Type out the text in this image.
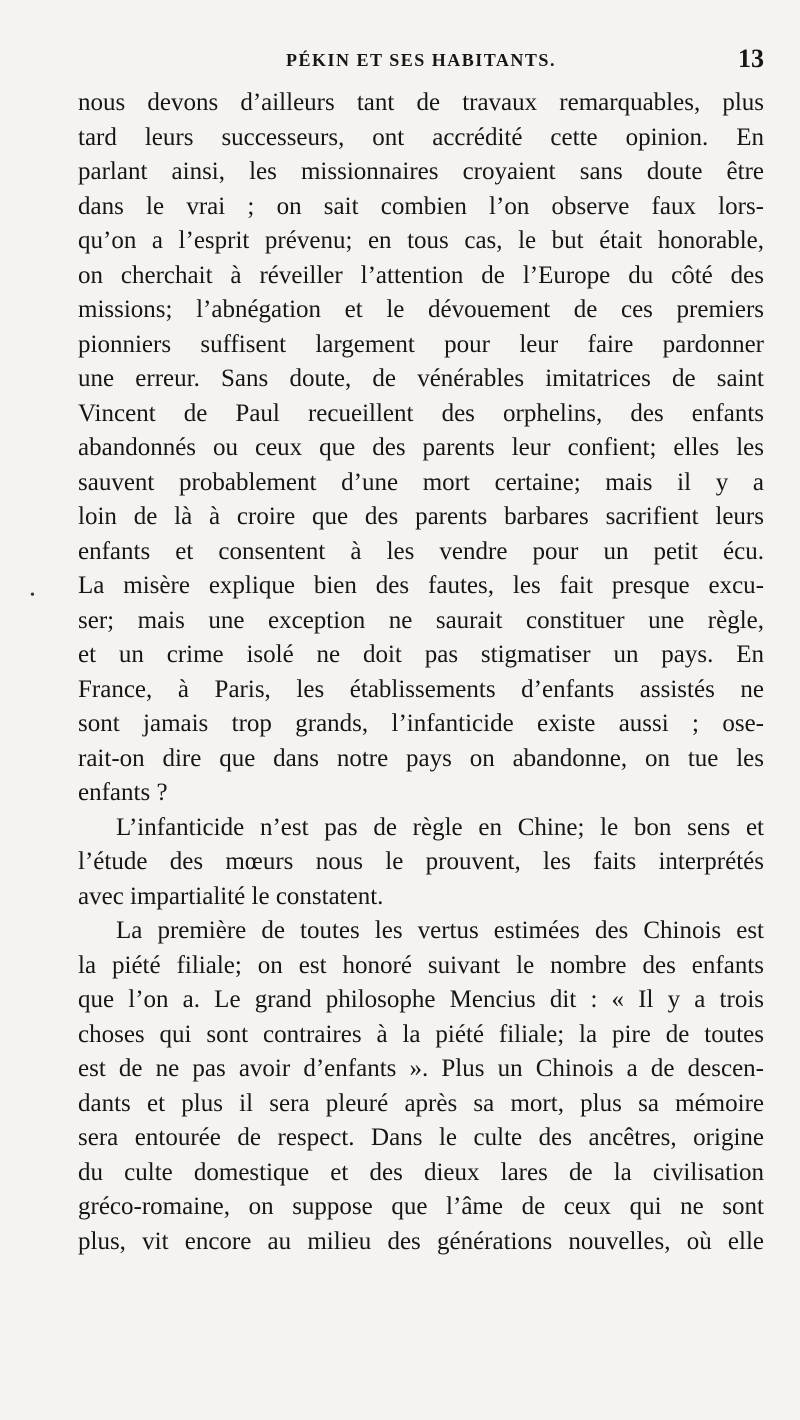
PÉKIN ET SES HABITANTS.	13
•
nous devons d’ailleurs tant de travaux remarquables, plus
tard leurs successeurs, ont accrédité cette opinion. En
parlant ainsi, les missionnaires croyaient sans doute être
dans le vrai ; on sait combien l’on observe faux lors-
qu’on a l’esprit prévenu; en tous cas, le but était honorable,
on cherchait à réveiller l’attention de l’Europe du côté des
missions; l’abnégation et le dévouement de ces premiers
pionniers suffisent largement pour leur faire pardonner
une erreur. Sans doute, de vénérables imitatrices de saint
Vincent de Paul recueillent des orphelins, des enfants
abandonnés ou ceux que des parents leur confient; elles les
sauvent probablement d’une mort certaine; mais il y a
loin de là à croire que des parents barbares sacrifient leurs
enfants et consentent à les vendre pour un petit écu.
La misère explique bien des fautes, les fait presque excu-
ser; mais une exception ne saurait constituer une règle,
et un crime isolé ne doit pas stigmatiser un pays. En
France, à Paris, les établissements d’enfants assistés ne
sont jamais trop grands, l’infanticide existe aussi ; ose-
rait-on dire que dans notre pays on abandonne, on tue les
enfants ?
L’infanticide n’est pas de règle en Chine; le bon sens et
l’étude des mœurs nous le prouvent, les faits interprétés
avec impartialité le constatent.
La première de toutes les vertus estimées des Chinois est
la piété filiale; on est honoré suivant le nombre des enfants
que l’on a. Le grand philosophe Mencius dit : « Il y a trois
choses qui sont contraires à la piété filiale; la pire de toutes
est de ne pas avoir d’enfants ». Plus un Chinois a de descen-
dants et plus il sera pleuré après sa mort, plus sa mémoire
sera entourée de respect. Dans le culte des ancêtres, origine
du culte domestique et des dieux lares de la civilisation
gréco-romaine, on suppose que l’âme de ceux qui ne sont
plus, vit encore au milieu des générations nouvelles, où elle
